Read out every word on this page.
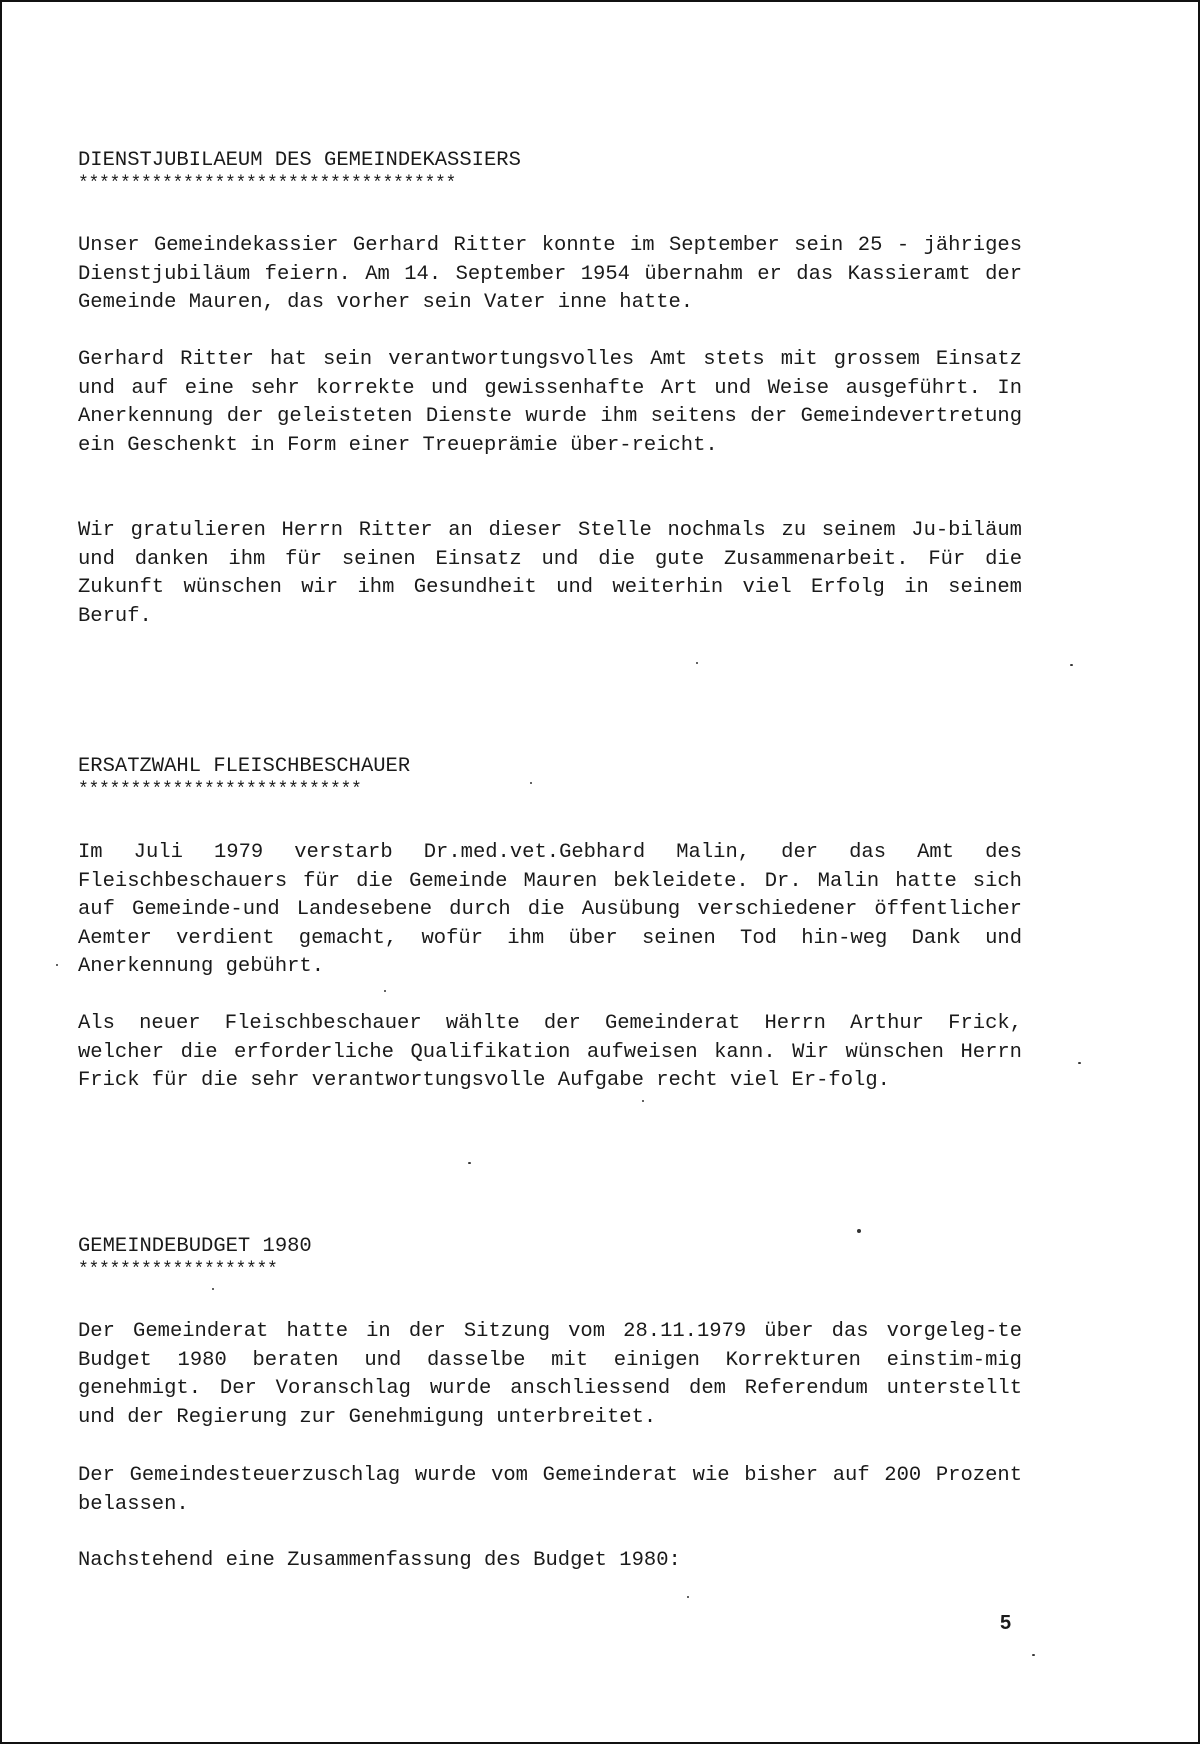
DIENSTJUBILAEUM DES GEMEINDEKASSIERS

************************************

Unser Gemeindekassier Gerhard Ritter konnte im September sein 25 - jähriges Dienstjubiläum feiern. Am 14. September 1954 übernahm er das Kassieramt der Gemeinde Mauren, das vorher sein Vater inne hatte.

Gerhard Ritter hat sein verantwortungsvolles Amt stets mit grossem Einsatz und auf eine sehr korrekte und gewissenhafte Art und Weise ausgeführt. In Anerkennung der geleisteten Dienste wurde ihm seitens der Gemeindevertretung ein Geschenkt in Form einer Treueprämie über-reicht.

Wir gratulieren Herrn Ritter an dieser Stelle nochmals zu seinem Ju-biläum und danken ihm für seinen Einsatz und die gute Zusammenarbeit. Für die Zukunft wünschen wir ihm Gesundheit und weiterhin viel Erfolg in seinem Beruf.

ERSATZWAHL FLEISCHBESCHAUER

***************************

Im Juli 1979 verstarb Dr.med.vet.Gebhard Malin, der das Amt des Fleischbeschauers für die Gemeinde Mauren bekleidete. Dr. Malin hatte sich auf Gemeinde-und Landesebene durch die Ausübung verschiedener öffentlicher Aemter verdient gemacht, wofür ihm über seinen Tod hin-weg Dank und Anerkennung gebührt.

Als neuer Fleischbeschauer wählte der Gemeinderat Herrn Arthur Frick, welcher die erforderliche Qualifikation aufweisen kann. Wir wünschen Herrn Frick für die sehr verantwortungsvolle Aufgabe recht viel Er-folg.

GEMEINDEBUDGET 1980

*******************

Der Gemeinderat hatte in der Sitzung vom 28.11.1979 über das vorgeleg-te Budget 1980 beraten und dasselbe mit einigen Korrekturen einstim-mig genehmigt. Der Voranschlag wurde anschliessend dem Referendum unterstellt und der Regierung zur Genehmigung unterbreitet.

Der Gemeindesteuerzuschlag wurde vom Gemeinderat wie bisher auf 200 Prozent belassen.

Nachstehend eine Zusammenfassung des Budget 1980:

5
